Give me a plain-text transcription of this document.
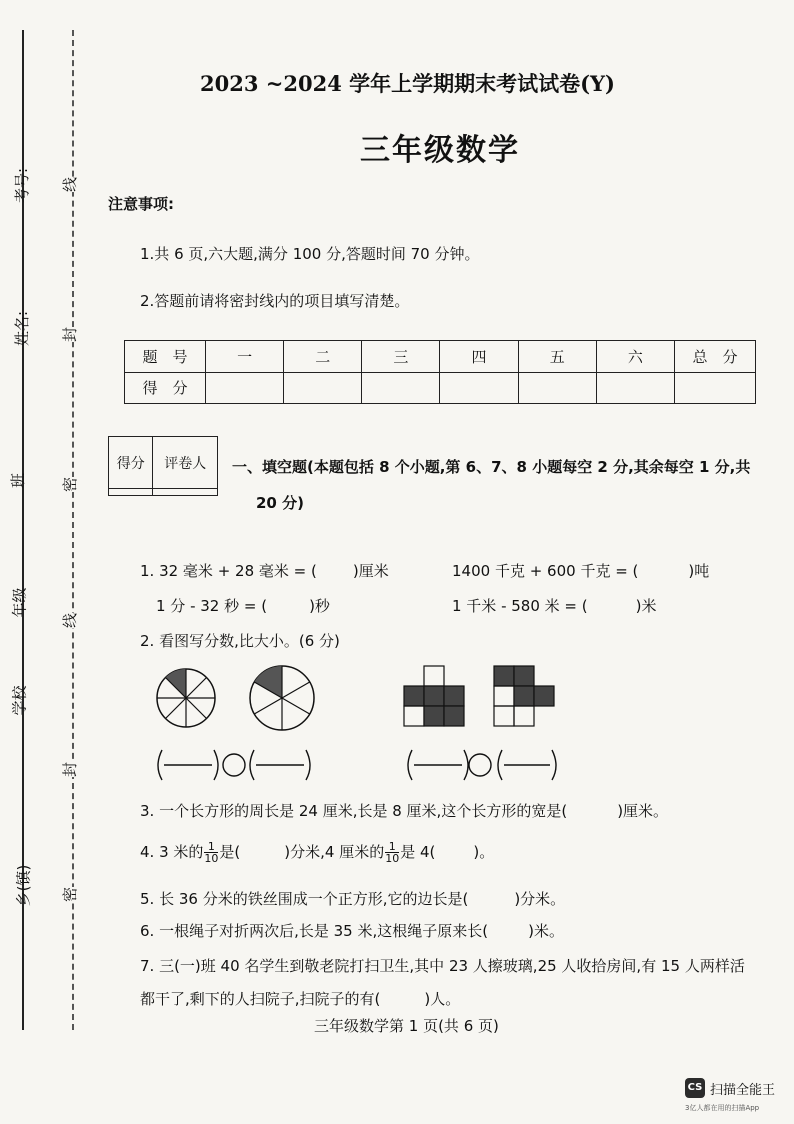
考号:
姓名:
班
年级
学校
乡(镇)
线
封
密
线
封
密
2023 ~2024 学年上学期期末考试试卷(Y)
三年级数学
注意事项:
1.共 6 页,六大题,满分 100 分,答题时间 70 分钟。
2.答题前请将密封线内的项目填写清楚。
题　号	一	二	三	四	五	六	总　分
得　分							
得分	评卷人
	一、填空题(本题包括 8 个小题,第 6、7、8 小题每空 2 分,其余每空 1 分,共
20 分)
1. 32 毫米 + 28 毫米 = ( )厘米	1400 千克 + 600 千克 = (	)吨
1 分 - 32 秒 = (	)秒	1 千米 - 580 米 = (	)米
2. 看图写分数,比大小。(6 分)
3. 一个长方形的周长是 24 厘米,长是 8 厘米,这个长方形的宽是(	)厘米。
4. 3 米的 $\frac{1}{10}$ 是(	)分米,4 厘米的 $\frac{1}{10}$ 是 4(	)。
5. 长 36 分米的铁丝围成一个正方形,它的边长是(	)分米。
6. 一根绳子对折两次后,长是 35 米,这根绳子原来长(	)米。
7. 三(一)班 40 名学生到敬老院打扫卫生,其中 23 人擦玻璃,25 人收拾房间,有 15 人两样活
都干了,剩下的人扫院子,扫院子的有(	)人。
三年级数学第 1 页(共 6 页)
CS 扫描全能王
3亿人都在用的扫描App
